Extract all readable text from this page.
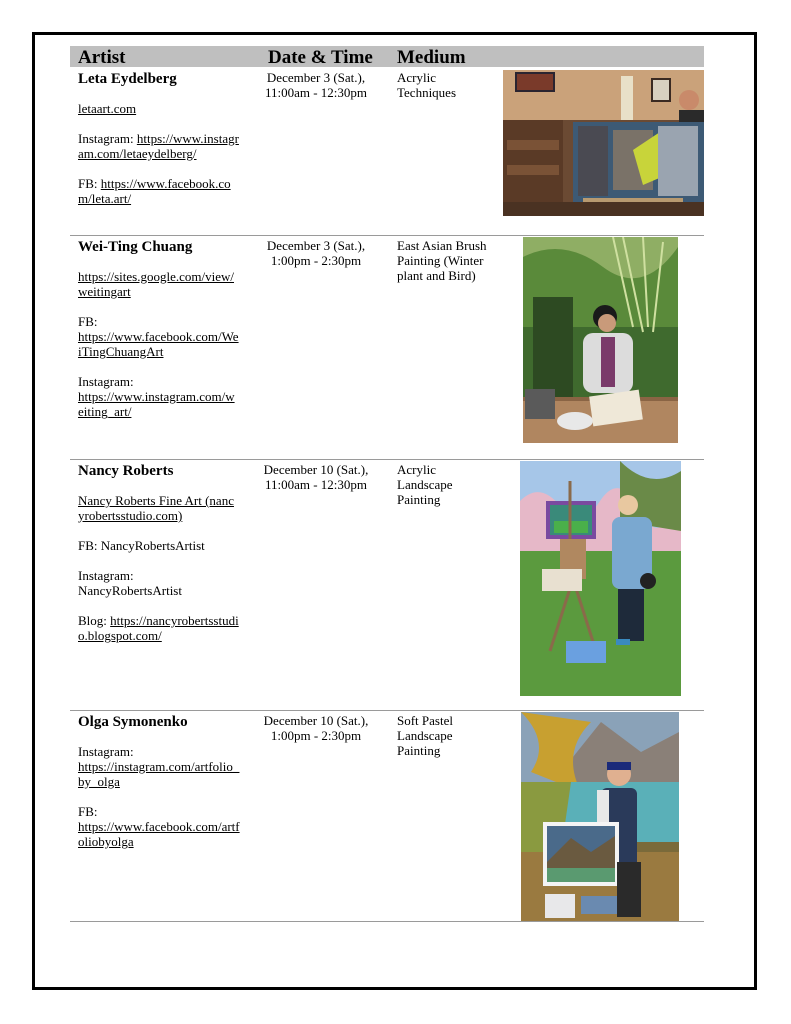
Artist	Date & Time Medium
Leta Eydelberg

letaart.com

Instagram: https://www.instagram.com/letaeydelberg/

FB: https://www.facebook.com/leta.art/

December 3 (Sat.),
11:00am - 12:30pm
Acrylic Techniques
Wei-Ting Chuang

https://sites.google.com/view/weitingart

FB:
https://www.facebook.com/WeiTingChuangArt

Instagram:
https://www.instagram.com/weiting_art/

December 3 (Sat.),
1:00pm - 2:30pm
East Asian Brush Painting (Winter plant and Bird)
Nancy Roberts

Nancy Roberts Fine Art (nancyrobertsstudio.com)

FB: NancyRobertsArtist

Instagram:
NancyRobertsArtist

Blog: https://nancyrobertsstudio.blogspot.com/

December 10 (Sat.),
11:00am - 12:30pm
Acrylic Landscape Painting
Olga Symonenko

Instagram:
https://instagram.com/artfolio_by_olga

FB:
https://www.facebook.com/artfoliobyolga

December 10 (Sat.),
1:00pm - 2:30pm
Soft Pastel Landscape Painting
